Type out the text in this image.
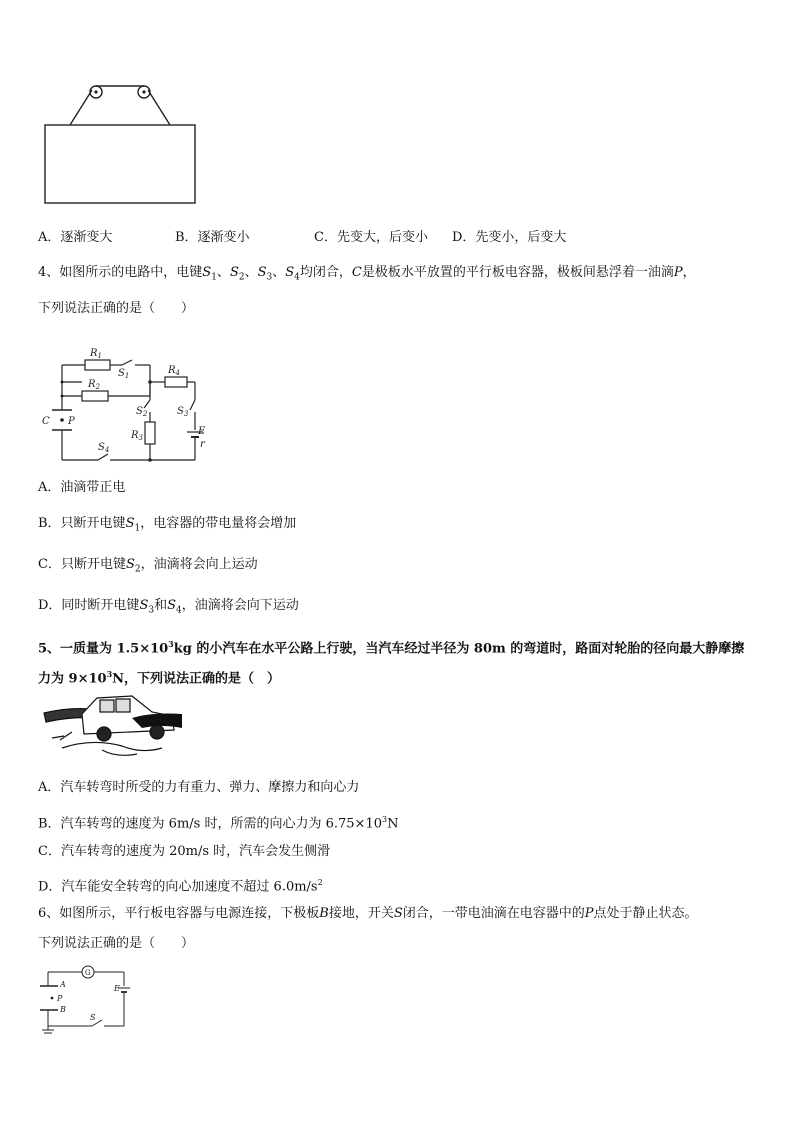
A．逐渐变大	B．逐渐变小	C．先变大，后变小 D．先变小，后变大
4、如图所示的电路中，电键$S_1$、$S_2$、$S_3$、$S_4$均闭合，C是极板水平放置的平行板电容器，极板间悬浮着一油滴P，
下列说法正确的是（　　）
$R_1$
$R_2$
$S_1$	$R_4$
$S_2$	$S_3$
$R_3$
$S_4$
C P
E
r
A．油滴带正电
B．只断开电键$S_1$，电容器的带电量将会增加
C．只断开电键$S_2$，油滴将会向上运动
D．同时断开电键$S_3$和$S_4$，油滴将会向下运动
5、一质量为 $1.5\times 10^3kg$ 的小汽车在水平公路上行驶，当汽车经过半径为 80m 的弯道时，路面对轮胎的径向最大静摩擦
力为 $9\times 10^3N$，下列说法正确的是（　）
A．汽车转弯时所受的力有重力、弹力、摩擦力和向心力
B．汽车转弯的速度为 6m/s 时，所需的向心力为 $6.75\times 10^3N$
C．汽车转弯的速度为 20m/s 时，汽车会发生侧滑
D．汽车能安全转弯的向心加速度不超过 $6.0m/s^2$
6、如图所示，平行板电容器与电源连接，下极板B接地，开关S闭合，一带电油滴在电容器中的P点处于静止状态。
下列说法正确的是（　　）
G
A
P
B
E
S
